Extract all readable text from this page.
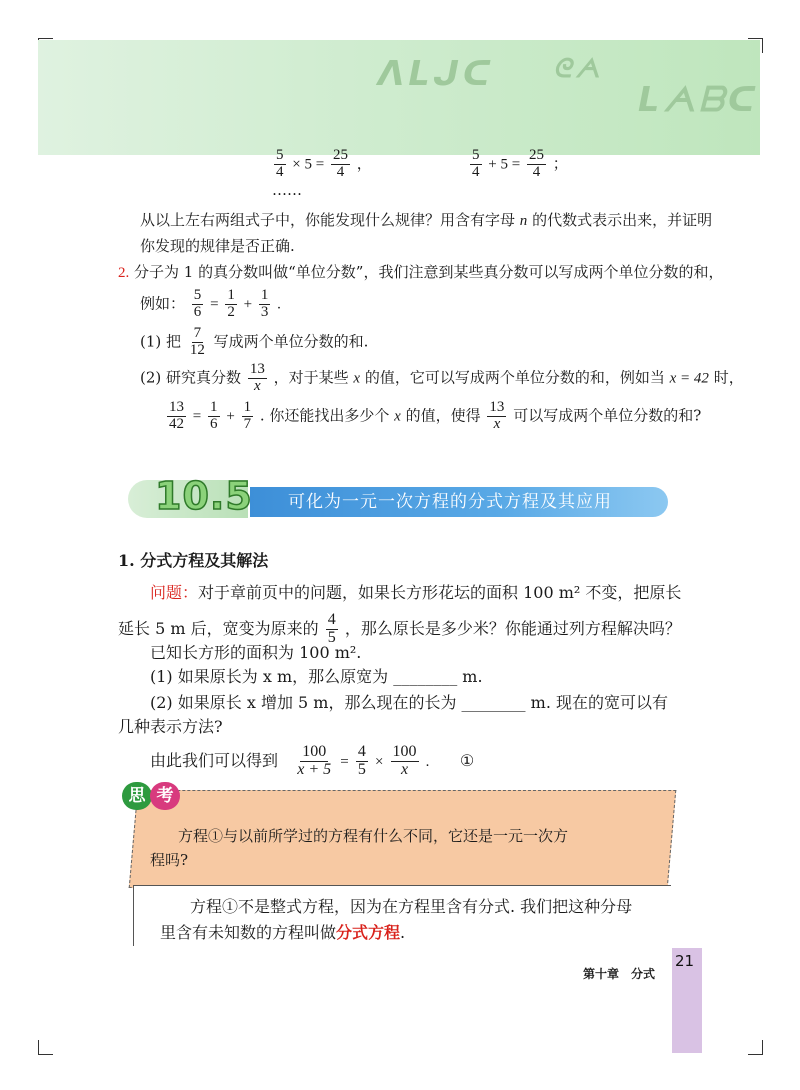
ᐱᒪᒍᑕ ᘓᗅ
ᒪᗅᗷᑕ
$\frac{5}{4} \times 5 = \frac{25}{4}$ ，	$\frac{5}{4} + 5 = \frac{25}{4}$ ；
……
从以上左右两组式子中，你能发现什么规律？用含有字母 n 的代数式表示出来，并证明
你发现的规律是否正确.
2. 分子为 1 的真分数叫做“单位分数”，我们注意到某些真分数可以写成两个单位分数的和，
例如： $\frac{5}{6} = \frac{1}{2} + \frac{1}{3}$ .
(1) 把 $\frac{7}{12}$ 写成两个单位分数的和.
(2) 研究真分数 $\frac{13}{x}$ ，对于某些 x 的值，它可以写成两个单位分数的和，例如当 x = 42 时，
$\frac{13}{42} = \frac{1}{6} + \frac{1}{7}$ . 你还能找出多少个 x 的值，使得 $\frac{13}{x}$ 可以写成两个单位分数的和?
可化为一元一次方程的分式方程及其应用
10.5
1. 分式方程及其解法
问题：对于章前页中的问题，如果长方形花坛的面积 100 m² 不变，把原长
延长 5 m 后，宽变为原来的 $\frac{4}{5}$ ，那么原长是多少米？你能通过列方程解决吗？
已知长方形的面积为 100 m².
(1) 如果原长为 x m，那么原宽为 ________ m.
(2) 如果原长 x 增加 5 m，那么现在的长为 ________ m. 现在的宽可以有
几种表示方法?
由此我们可以得到 $\frac{100}{x + 5} = \frac{4}{5} \times \frac{100}{x}$ . ①
思 考
方程①与以前所学过的方程有什么不同，它还是一元一次方
程吗?
方程①不是整式方程，因为在方程里含有分式. 我们把这种分母
里含有未知数的方程叫做分式方程.
21
第十章　分式
